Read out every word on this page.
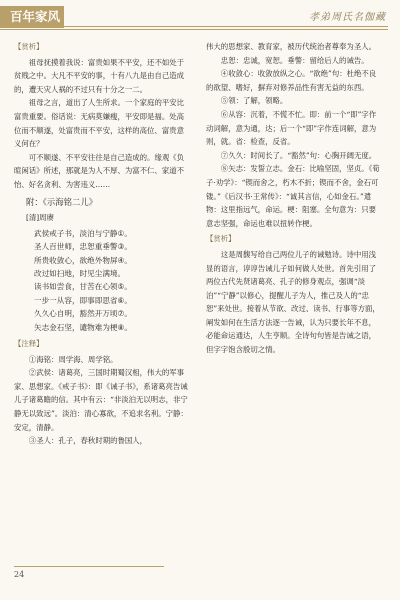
百年家风	孝弟周氏名伽藏
【赏析】

祖母抚摸着我说：富贵如果不平安，还不如处于贫贱之中。大凡不平安的事，十有八九是由自己造成的，遭天灾人祸的不过只有十分之一二。

祖母之言，道出了人生所求。一个家庭的平安比富贵重要。俗话说：无病莫嫌瘦，平安即是福。处高位而不顺遂，处富贵而不平安，这样的高位、富贵意义何在？

可不顺遂、不平安往往是自己造成的。缘观《负暄闲话》所述，那就是为人不厚、为富不仁、家道不怡、好名贪利、为害违义……

附：《示海铭二儿》
[清]周赓
武侯戒子书，淡泊与宁静①。
圣人百世师，忠恕重垂警③。
所贵收敛心，欲绝外物屏④。
改过如扫地，时见尘满境。
读书如尝食，甘苦在心领⑤。
一步一从容，即事即思省⑥。
久久心自明，豁然开万顷⑦。
矢志金石坚，谴物难为梗⑧。
【注释】

①海铭：周学海、周学铭。

②武侯：诸葛亮，三国时期蜀汉相，伟大的军事家、思想家。《戒子书》：即《诫子书》，系诸葛亮告诫儿子诸葛瞻的信。其中有云：“非淡泊无以明志，非宁静无以致远”。淡泊：清心寡欲，不追求名利。宁静：安定，清静。

③圣人：孔子，春秋时期的鲁国人，

伟大的思想家、教育家，被历代统治者尊奉为圣人。

忠恕：忠诚，宽恕。垂警：留给后人的诫告。

④收敛心：收敛放纵之心。“欲绝”句：杜绝不良的欲望、嗜好，摒弃对修养品性有害无益的东西。

⑤领：了解，领略。

⑥从容：沉着，不慌不忙。即：前一个“即”字作动词解，意为通，达；后一个“即”字作连词解，意为则，就。省：检查，反省。

⑦久久：时间长了。“豁然”句：心胸开阔无度。

⑧矢志：发誓立志。金石：比喻坚固，坚贞。《荀子·劝学》：“锲而舍之，朽木不折；锲而不舍，金石可镂。”《后汉书·王常传》：“诚其言信，心如金石。”遣物：这里指远气，命运。梗：阻塞。全句意为：只要意志坚强，命运也难以扭转作梗。

【赏析】

这是周馥写给自己两位儿子的诫勉诗。诗中用浅显的语言，谆谆告诫儿子如何做人处世。首先引用了两位古代先贤诸葛亮、孔子的修身观点，强调“淡泊”“宁静”以修心，提醒儿子为人，推己及人的“忠恕”来处世。接着从节欲、改过、读书、行事等方面，阐发如何在生活方法逐一告诫，认为只要长年不息，必能命运通达，人生亨顺。全诗句句皆是告诫之语，但字字饱含殷切之情。

24
